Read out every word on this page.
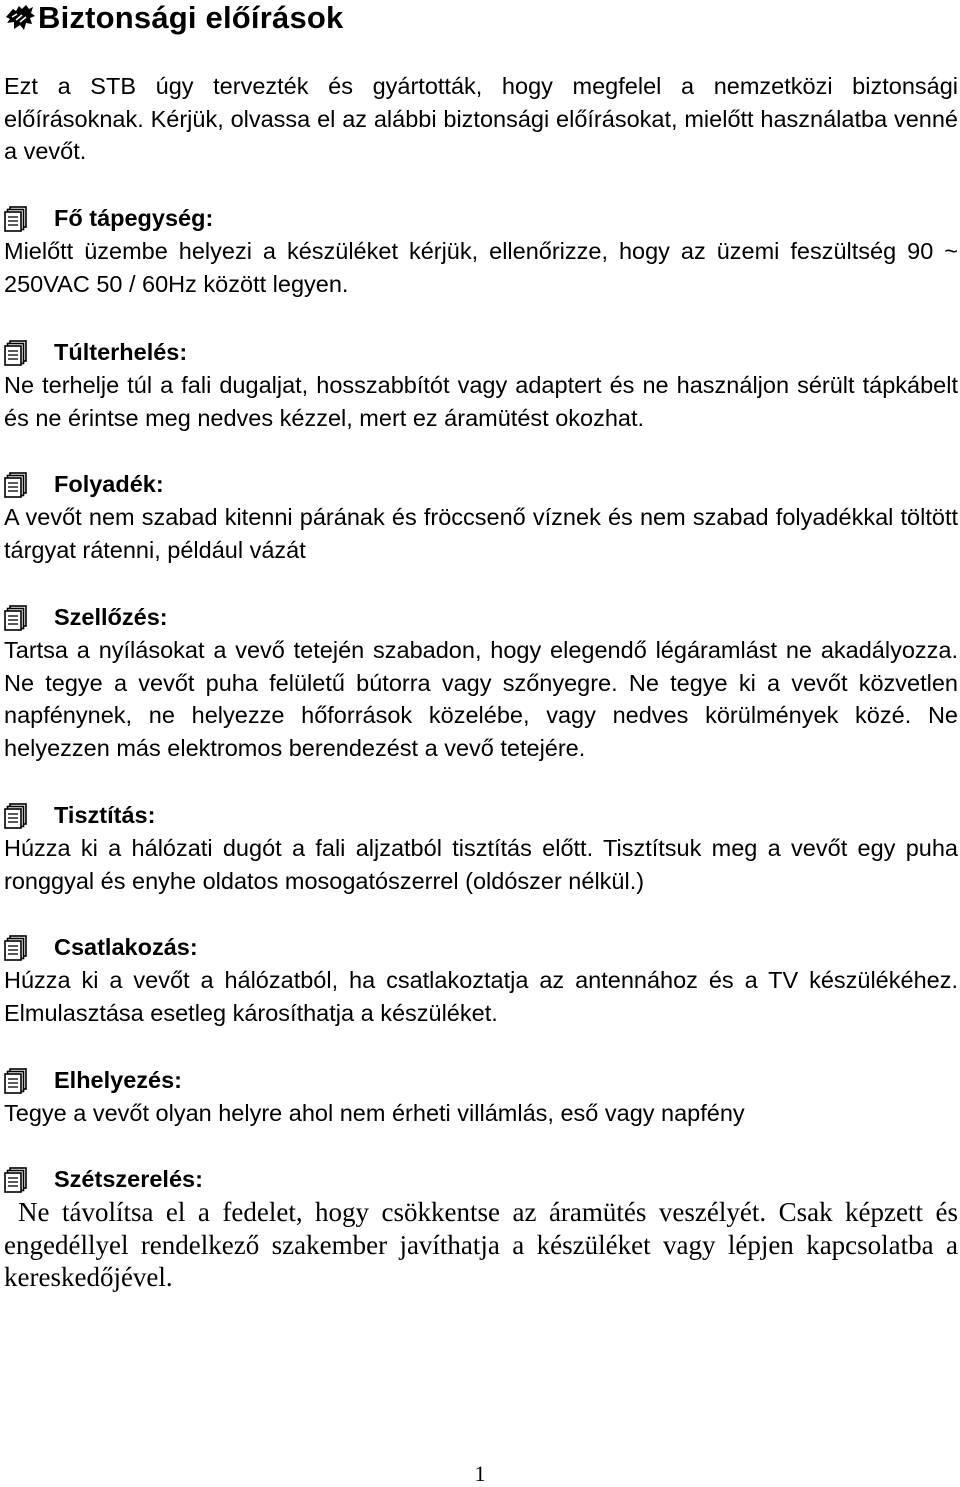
Biztonsági előírások
Ezt a STB úgy tervezték és gyártották, hogy megfelel a nemzetközi biztonsági előírásoknak. Kérjük, olvassa el az alábbi biztonsági előírásokat, mielőtt használatba venné a vevőt.
Fő tápegység:
Mielőtt üzembe helyezi a készüléket kérjük, ellenőrizze, hogy az üzemi feszültség 90 ~ 250VAC 50 / 60Hz között legyen.
Túlterhelés:
Ne terhelje túl a fali dugaljat, hosszabbítót vagy adaptert és ne használjon sérült tápkábelt és ne érintse meg nedves kézzel, mert ez áramütést okozhat.
Folyadék:
A vevőt nem szabad kitenni párának és fröccsenő víznek és nem szabad folyadékkal töltött tárgyat rátenni, például vázát
Szellőzés:
Tartsa a nyílásokat a vevő tetején szabadon, hogy elegendő légáramlást ne akadályozza. Ne tegye a vevőt puha felületű bútorra vagy szőnyegre. Ne tegye ki a vevőt közvetlen napfénynek, ne helyezze hőforrások közelébe, vagy nedves körülmények közé. Ne helyezzen más elektromos berendezést a vevő tetejére.
Tisztítás:
Húzza ki a hálózati dugót a fali aljzatból tisztítás előtt. Tisztítsuk meg a vevőt egy puha ronggyal és enyhe oldatos mosogatószerrel (oldószer nélkül.)
Csatlakozás:
Húzza ki a vevőt a hálózatból, ha csatlakoztatja az antennához és a TV készülékéhez. Elmulasztása esetleg károsíthatja a készüléket.
Elhelyezés:
Tegye a vevőt olyan helyre ahol nem érheti villámlás, eső vagy napfény
Szétszerelés:
Ne távolítsa el a fedelet, hogy csökkentse az áramütés veszélyét. Csak képzett és engedéllyel rendelkező szakember javíthatja a készüléket vagy lépjen kapcsolatba a kereskedőjével.
1
